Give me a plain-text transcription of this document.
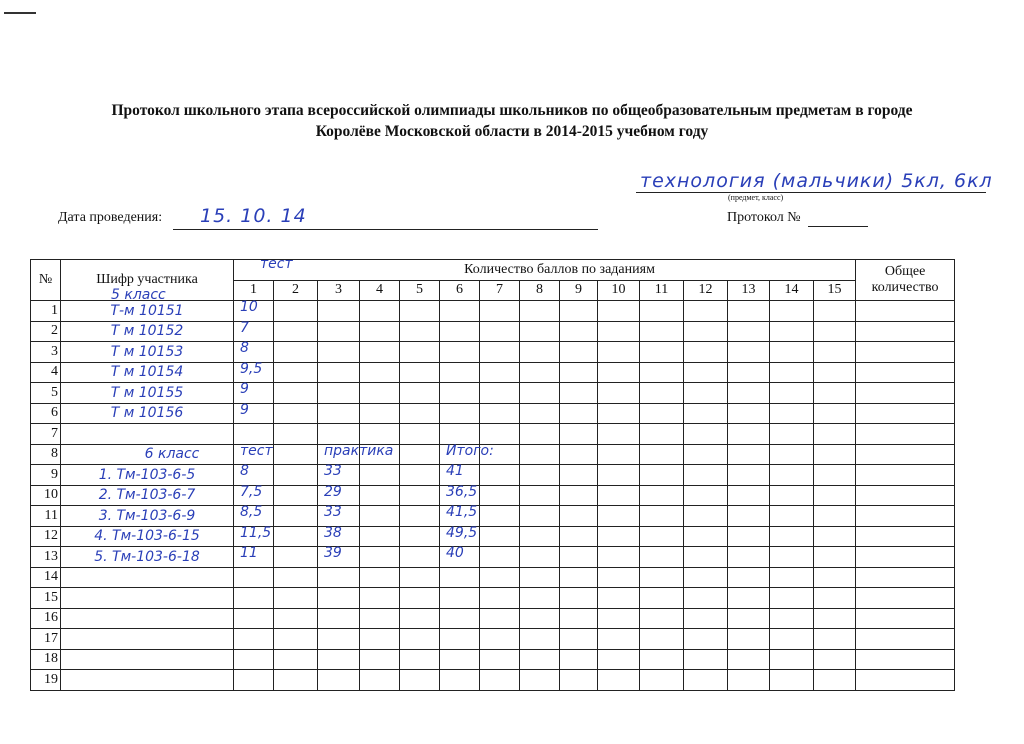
Протокол школьного этапа всероссийской олимпиады школьников по общеобразовательным предметам в городе
Королёве Московской области в 2014-2015 учебном году
технология (мальчики) 5кл, 6кл
(предмет, класс)
Дата проведения: 15. 10. 14	Протокол №
№	Шифр участника
5 класс	тест Количество баллов по заданиям															Общее количество
		1	2	3	4	5	6	7	8	9	10	11	12	13	14	15	
1	Т-м 10151	10															

2	Т м 10152	7															

3	Т м 10153	8															

4	Т м 10154	9,5															

5	Т м 10155	9															

6	Т м 10156	9															

7																	
8	6 класс	тест		практика			Итого:										

9	1. Тм-103-6-5	8		33			41										

10	2. Тм-103-6-7	7,5		29			36,5										

11	3. Тм-103-6-9	8,5		33			41,5										

12	4. Тм-103-6-15	11,5		38			49,5										

13	5. Тм-103-6-18	11		39			40										

14																	
15																	
16																	
17																	
18																	
19																	
